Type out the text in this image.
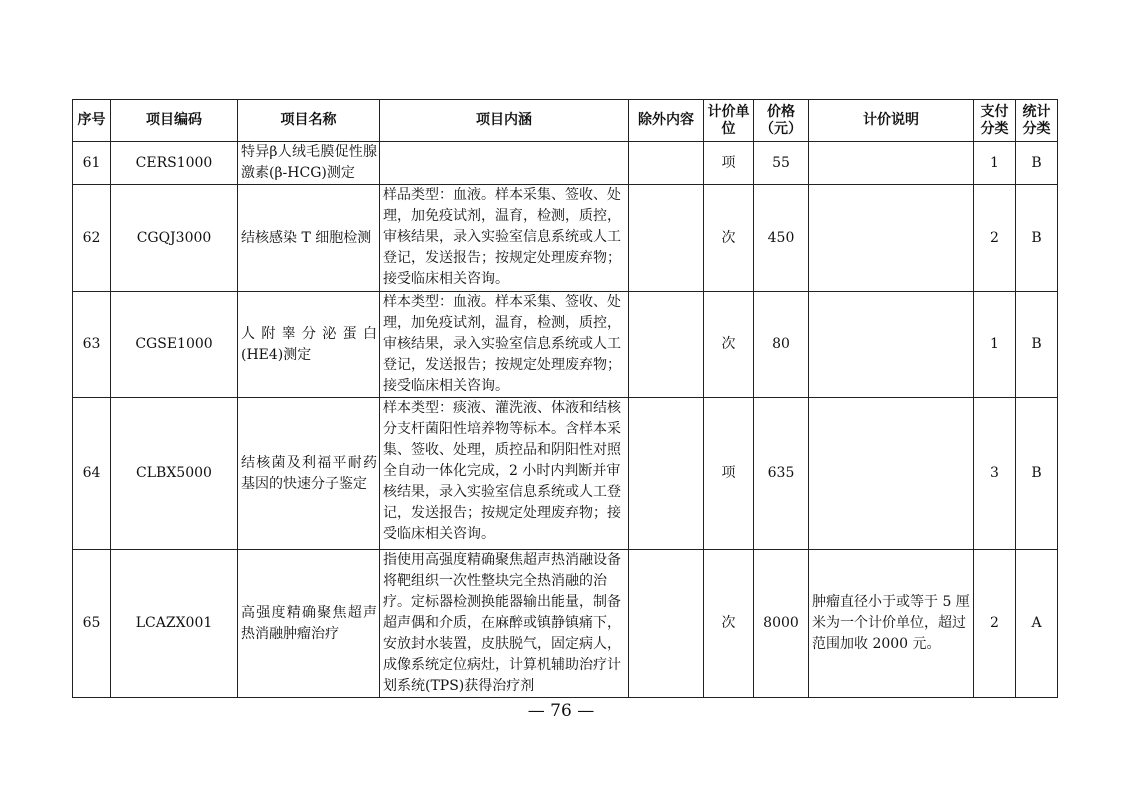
序号	项目编码	项目名称	项目内涵	除外内容	计价单位	价格（元）	计价说明	支付分类	统计分类
61	CERS1000	特异β人绒毛膜促性腺激素(β-HCG)测定			项	55		1	B
62	CGQJ3000	结核感染 T 细胞检测	样品类型：血液。样本采集、签收、处理，加免疫试剂，温育，检测，质控，审核结果，录入实验室信息系统或人工登记，发送报告；按规定处理废弃物；接受临床相关咨询。		次	450		2	B
63	CGSE1000	人附睾分泌蛋白(HE4)测定	样本类型：血液。样本采集、签收、处理，加免疫试剂，温育，检测，质控，审核结果，录入实验室信息系统或人工登记，发送报告；按规定处理废弃物；接受临床相关咨询。		次	80		1	B
64	CLBX5000	结核菌及利福平耐药基因的快速分子鉴定	样本类型：痰液、灌洗液、体液和结核分支杆菌阳性培养物等标本。含样本采集、签收、处理，质控品和阴阳性对照全自动一体化完成，2 小时内判断并审核结果，录入实验室信息系统或人工登记，发送报告；按规定处理废弃物；接受临床相关咨询。		项	635		3	B
65	LCAZX001	高强度精确聚焦超声热消融肿瘤治疗	指使用高强度精确聚焦超声热消融设备将靶组织一次性整块完全热消融的治疗。定标器检测换能器输出能量，制备超声偶和介质，在麻醉或镇静镇痛下，安放封水装置，皮肤脱气，固定病人，成像系统定位病灶，计算机辅助治疗计划系统(TPS)获得治疗剂		次	8000	肿瘤直径小于或等于 5 厘米为一个计价单位，超过范围加收 2000 元。	2	A
— 76 —
